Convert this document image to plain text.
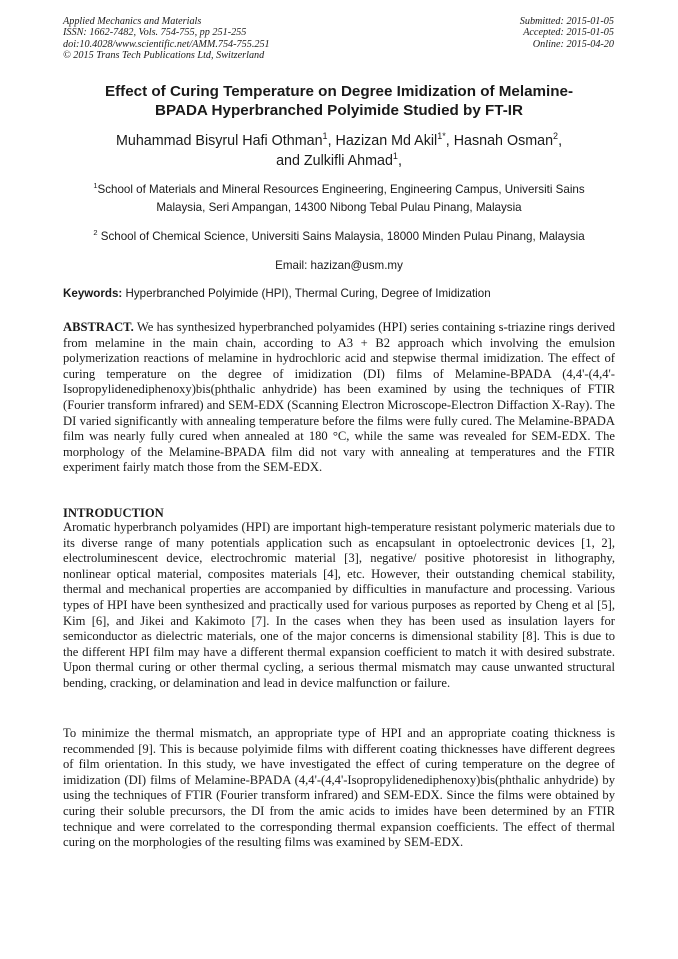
Applied Mechanics and Materials
ISSN: 1662-7482, Vols. 754-755, pp 251-255
doi:10.4028/www.scientific.net/AMM.754-755.251
© 2015 Trans Tech Publications Ltd, Switzerland
Submitted: 2015-01-05
Accepted: 2015-01-05
Online: 2015-04-20
Effect of Curing Temperature on Degree Imidization of Melamine-
BPADA Hyperbranched Polyimide Studied by FT-IR
Muhammad Bisyrul Hafi Othman$^1$, Hazizan Md Akil$^{1*}$, Hasnah Osman$^2$,
and Zulkifli Ahmad$^1$,
$^1$School of Materials and Mineral Resources Engineering, Engineering Campus, Universiti Sains
Malaysia, Seri Ampangan, 14300 Nibong Tebal Pulau Pinang, Malaysia
$^2$ School of Chemical Science, Universiti Sains Malaysia, 18000 Minden Pulau Pinang, Malaysia
Email: hazizan@usm.my
Keywords: Hyperbranched Polyimide (HPI), Thermal Curing, Degree of Imidization
ABSTRACT. We has synthesized hyperbranched polyamides (HPI) series containing s-triazine rings derived from melamine in the main chain, according to A3 + B2 approach which involving the emulsion polymerization reactions of melamine in hydrochloric acid and stepwise thermal imidization. The effect of curing temperature on the degree of imidization (DI) films of Melamine-BPADA (4,4'-(4,4'-Isopropylidenediphenoxy)bis(phthalic anhydride) has been examined by using the techniques of FTIR (Fourier transform infrared) and SEM-EDX (Scanning Electron Microscope-Electron Diffaction X-Ray). The DI varied significantly with annealing temperature before the films were fully cured. The Melamine-BPADA film was nearly fully cured when annealed at 180 °C, while the same was revealed for SEM-EDX. The morphology of the Melamine-BPADA film did not vary with annealing at temperatures and the FTIR experiment fairly match those from the SEM-EDX.
INTRODUCTION
Aromatic hyperbranch polyamides (HPI) are important high-temperature resistant polymeric materials due to its diverse range of many potentials application such as encapsulant in optoelectronic devices [1, 2], electroluminescent device, electrochromic material [3], negative/ positive photoresist in lithography, nonlinear optical material, composites materials [4], etc. However, their outstanding chemical stability, thermal and mechanical properties are accompanied by difficulties in manufacture and processing. Various types of HPI have been synthesized and practically used for various purposes as reported by Cheng et al [5], Kim [6], and Jikei and Kakimoto [7]. In the cases when they has been used as insulation layers for semiconductor as dielectric materials, one of the major concerns is dimensional stability [8]. This is due to the different HPI film may have a different thermal expansion coefficient to match it with desired substrate. Upon thermal curing or other thermal cycling, a serious thermal mismatch may cause unwanted structural bending, cracking, or delamination and lead in device malfunction or failure.
To minimize the thermal mismatch, an appropriate type of HPI and an appropriate coating thickness is recommended [9]. This is because polyimide films with different coating thicknesses have different degrees of film orientation. In this study, we have investigated the effect of curing temperature on the degree of imidization (DI) films of Melamine-BPADA (4,4'-(4,4'-Isopropylidenediphenoxy)bis(phthalic anhydride) by using the techniques of FTIR (Fourier transform infrared) and SEM-EDX. Since the films were obtained by curing their soluble precursors, the DI from the amic acids to imides have been determined by an FTIR technique and were correlated to the corresponding thermal expansion coefficients. The effect of thermal curing on the morphologies of the resulting films was examined by SEM-EDX.
